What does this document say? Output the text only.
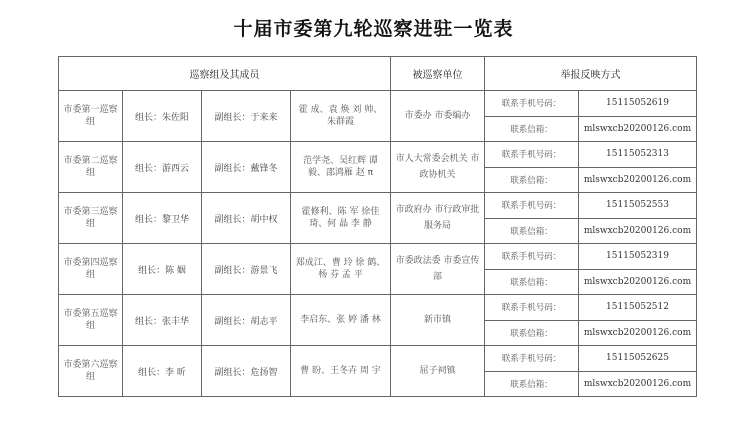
十届市委第九轮巡察进驻一览表
巡察组及其成员				被巡察单位	举报反映方式	
市委第一巡察组	组长：朱佐阳	副组长：于来来	霍 成、袁 焕 刘 帅、朱群霞	市委办 市委编办	联系手机号码：	15115052619
					联系信箱：	mlswxcb20200126.com
市委第二巡察组	组长：游西云	副组长：戴锋冬	范学尧、吴红辉 谭 毅、邵鸿雁 赵 π	市人大常委会机关 市政协机关	联系手机号码：	15115052313
					联系信箱：	mlswxcb20200126.com
市委第三巡察组	组长：黎卫华	副组长：胡中权	霍修利、陈 军 徐佳琦、何 晶 李 静	市政府办 市行政审批服务局	联系手机号码：	15115052553
					联系信箱：	mlswxcb20200126.com
市委第四巡察组	组长：陈 姻	副组长：游景飞	郑成江、曹 玲 徐 鹤、杨 芬 孟 平	市委政法委 市委宣传部	联系手机号码：	15115052319
					联系信箱：	mlswxcb20200126.com
市委第五巡察组	组长：张丰华	副组长：胡志平	李启东、张 婷 潘 林	新市镇	联系手机号码：	15115052512
					联系信箱：	mlswxcb20200126.com
市委第六巡察组	组长：李 昕	副组长：危扬智	曹 盼、王冬卉 周 宇	屈子祠镇	联系手机号码：	15115052625
					联系信箱：	mlswxcb20200126.com
